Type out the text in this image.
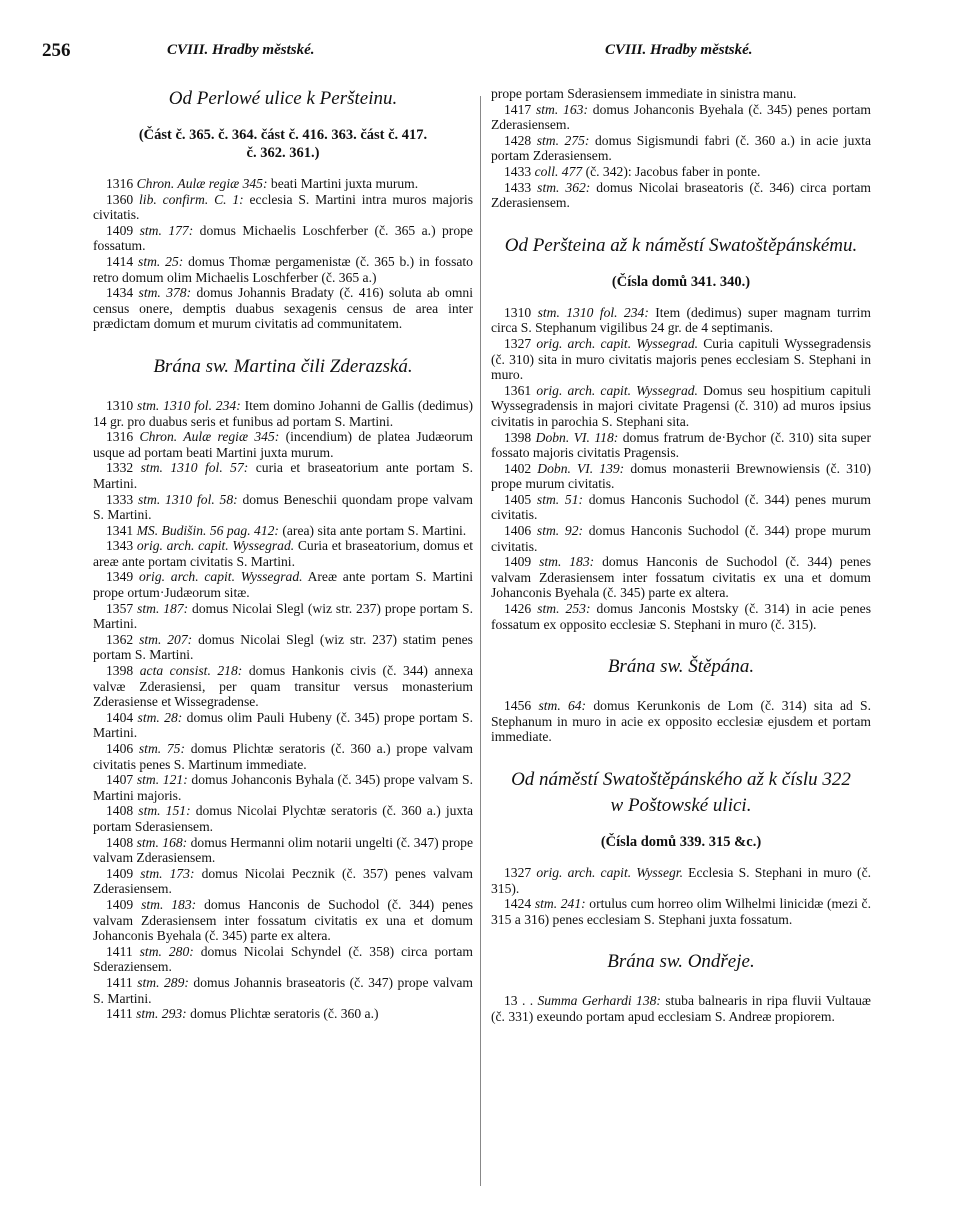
256	CVIII. Hradby městské.	CVIII. Hradby městské.
Od Perlowé ulice k Peršteinu.

(Část č. 365. č. 364. část č. 416. 363. část č. 417.

č. 362. 361.)

1316 Chron. Aulæ regiæ 345: beati Martini juxta murum.

1360 lib. confirm. C. 1: ecclesia S. Martini intra muros majoris civitatis.

1409 stm. 177: domus Michaelis Loschferber (č. 365 a.) prope fossatum.

1414 stm. 25: domus Thomæ pergamenistæ (č. 365 b.) in fossato retro domum olim Michaelis Loschferber (č. 365 a.)

1434 stm. 378: domus Johannis Bradaty (č. 416) soluta ab omni census onere, demptis duabus sexagenis census de area inter prædictam domum et murum civitatis ad communitatem.

Brána sw. Martina čili Zderazská.

1310 stm. 1310 fol. 234: Item domino Johanni de Gallis (dedimus) 14 gr. pro duabus seris et funibus ad portam S. Martini.

1316 Chron. Aulæ regiæ 345: (incendium) de platea Judæorum usque ad portam beati Martini juxta murum.

1332 stm. 1310 fol. 57: curia et braseatorium ante portam S. Martini.

1333 stm. 1310 fol. 58: domus Beneschii quondam prope valvam S. Martini.

1341 MS. Budišin. 56 pag. 412: (area) sita ante portam S. Martini.

1343 orig. arch. capit. Wyssegrad. Curia et braseatorium, domus et areæ ante portam civitatis S. Martini.

1349 orig. arch. capit. Wyssegrad. Areæ ante portam S. Martini prope ortum·Judæorum sitæ.

1357 stm. 187: domus Nicolai Slegl (wiz str. 237) prope portam S. Martini.

1362 stm. 207: domus Nicolai Slegl (wiz str. 237) statim penes portam S. Martini.

1398 acta consist. 218: domus Hankonis civis (č. 344) annexa valvæ Zderasiensi, per quam transitur versus monasterium Zderasiense et Wissegradense.

1404 stm. 28: domus olim Pauli Hubeny (č. 345) prope portam S. Martini.

1406 stm. 75: domus Plichtæ seratoris (č. 360 a.) prope valvam civitatis penes S. Martinum immediate.

1407 stm. 121: domus Johanconis Byhala (č. 345) prope valvam S. Martini majoris.

1408 stm. 151: domus Nicolai Plychtæ seratoris (č. 360 a.) juxta portam Sderasiensem.

1408 stm. 168: domus Hermanni olim notarii ungelti (č. 347) prope valvam Zderasiensem.

1409 stm. 173: domus Nicolai Pecznik (č. 357) penes valvam Zderasiensem.

1409 stm. 183: domus Hanconis de Suchodol (č. 344) penes valvam Zderasiensem inter fossatum civitatis ex una et domum Johanconis Byehala (č. 345) parte ex altera.

1411 stm. 280: domus Nicolai Schyndel (č. 358) circa portam Sderaziensem.

1411 stm. 289: domus Johannis braseatoris (č. 347) prope valvam S. Martini.

1411 stm. 293: domus Plichtæ seratoris (č. 360 a.)

prope portam Sderasiensem immediate in sinistra manu.

1417 stm. 163: domus Johanconis Byehala (č. 345) penes portam Zderasiensem.

1428 stm. 275: domus Sigismundi fabri (č. 360 a.) in acie juxta portam Zderasiensem.

1433 coll. 477 (č. 342): Jacobus faber in ponte.

1433 stm. 362: domus Nicolai braseatoris (č. 346) circa portam Zderasiensem.

Od Peršteina až k náměstí Swatoštěpánskému.

(Čísla domů 341. 340.)

1310 stm. 1310 fol. 234: Item (dedimus) super magnam turrim circa S. Stephanum vigilibus 24 gr. de 4 septimanis.

1327 orig. arch. capit. Wyssegrad. Curia capituli Wyssegradensis (č. 310) sita in muro civitatis majoris penes ecclesiam S. Stephani in muro.

1361 orig. arch. capit. Wyssegrad. Domus seu hospitium capituli Wyssegradensis in majori civitate Pragensi (č. 310) ad muros ipsius civitatis in parochia S. Stephani sita.

1398 Dobn. VI. 118: domus fratrum de·Bychor (č. 310) sita super fossato majoris civitatis Pragensis.

1402 Dobn. VI. 139: domus monasterii Brewnowiensis (č. 310) prope murum civitatis.

1405 stm. 51: domus Hanconis Suchodol (č. 344) penes murum civitatis.

1406 stm. 92: domus Hanconis Suchodol (č. 344) prope murum civitatis.

1409 stm. 183: domus Hanconis de Suchodol (č. 344) penes valvam Zderasiensem inter fossatum civitatis ex una et domum Johanconis Byehala (č. 345) parte ex altera.

1426 stm. 253: domus Janconis Mostsky (č. 314) in acie penes fossatum ex opposito ecclesiæ S. Stephani in muro (č. 315).

Brána sw. Štěpána.

1456 stm. 64: domus Kerunkonis de Lom (č. 314) sita ad S. Stephanum in muro in acie ex opposito ecclesiæ ejusdem et portam immediate.

Od náměstí Swatoštěpánského až k číslu 322
w Poštowské ulici.

(Čísla domů 339. 315 &c.)

1327 orig. arch. capit. Wyssegr. Ecclesia S. Stephani in muro (č. 315).

1424 stm. 241: ortulus cum horreo olim Wilhelmi linicidæ (mezi č. 315 a 316) penes ecclesiam S. Stephani juxta fossatum.

Brána sw. Ondřeje.

13 . . Summa Gerhardi 138: stuba balnearis in ripa fluvii Vultauæ (č. 331) exeundo portam apud ecclesiam S. Andreæ propiorem.
